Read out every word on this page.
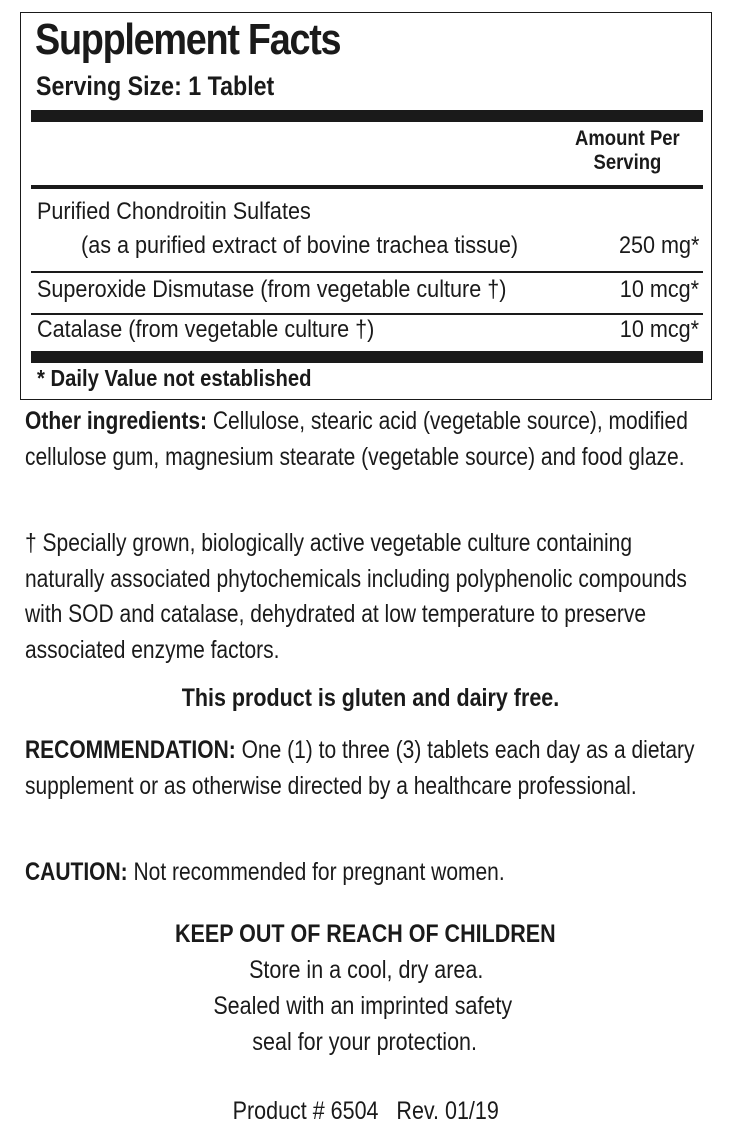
Supplement Facts
Serving Size: 1 Tablet
Amount Per
Serving
Purified Chondroitin Sulfates
(as a purified extract of bovine trachea tissue)	250 mg*
Superoxide Dismutase (from vegetable culture †)	10 mcg*
Catalase (from vegetable culture †)	10 mcg*
* Daily Value not established

Other ingredients: Cellulose, stearic acid (vegetable source), modified cellulose gum, magnesium stearate (vegetable source) and food glaze.

† Specially grown, biologically active vegetable culture containing naturally associated phytochemicals including polyphenolic compounds with SOD and catalase, dehydrated at low temperature to preserve associated enzyme factors.

This product is gluten and dairy free.

RECOMMENDATION: One (1) to three (3) tablets each day as a dietary supplement or as otherwise directed by a healthcare professional.

CAUTION: Not recommended for pregnant women.

KEEP OUT OF REACH OF CHILDREN
Store in a cool, dry area.
Sealed with an imprinted safety
seal for your protection.
Product # 6504   Rev. 01/19
